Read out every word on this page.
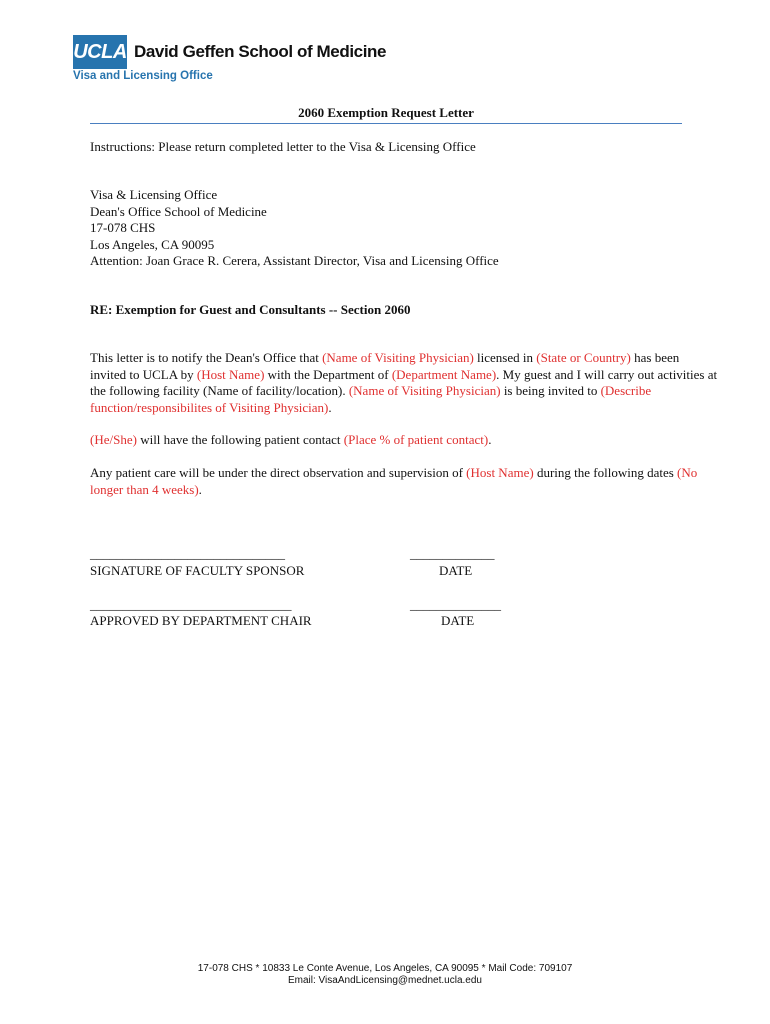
UCLA David Geffen School of Medicine
Visa and Licensing Office
2060 Exemption Request Letter
Instructions: Please return completed letter to the Visa & Licensing Office
Visa & Licensing Office
Dean's Office School of Medicine
17-078 CHS
Los Angeles, CA 90095
Attention: Joan Grace R. Cerera, Assistant Director, Visa and Licensing Office
RE: Exemption for Guest and Consultants -- Section 2060
This letter is to notify the Dean's Office that (Name of Visiting Physician) licensed in (State or Country) has been invited to UCLA by (Host Name) with the Department of (Department Name). My guest and I will carry out activities at the following facility (Name of facility/location). (Name of Visiting Physician) is being invited to (Describe function/responsibilites of Visiting Physician).
(He/She) will have the following patient contact (Place % of patient contact).
Any patient care will be under the direct observation and supervision of (Host Name) during the following dates (No longer than 4 weeks).
______________________________
SIGNATURE OF FACULTY SPONSOR
_____________
DATE
_______________________________
APPROVED BY DEPARTMENT CHAIR
______________
DATE
17-078 CHS * 10833 Le Conte Avenue, Los Angeles, CA 90095 * Mail Code: 709107
Email: VisaAndLicensing@mednet.ucla.edu
